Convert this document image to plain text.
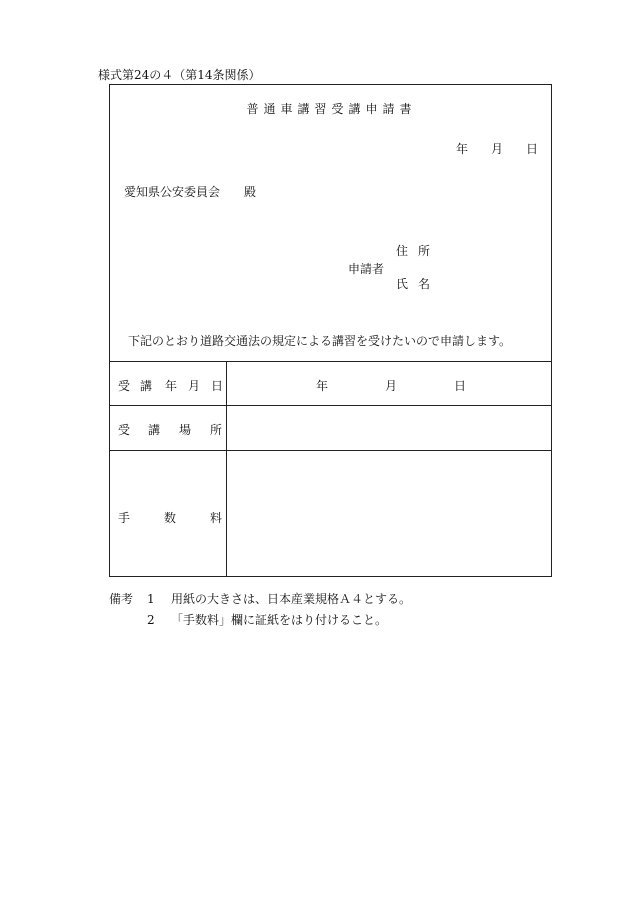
様式第24の４（第14条関係）
普通車講習受講申請書
年 月 日
愛知県公安委員会 殿
申請者
住所
氏名
下記のとおり道路交通法の規定による講習を受けたいので申請します。
受 講 年 月 日	年	月	日
受 講 場 所
手	数	料
備考 1 用紙の大きさは、日本産業規格Ａ４とする。
2 「手数料」欄に証紙をはり付けること。
